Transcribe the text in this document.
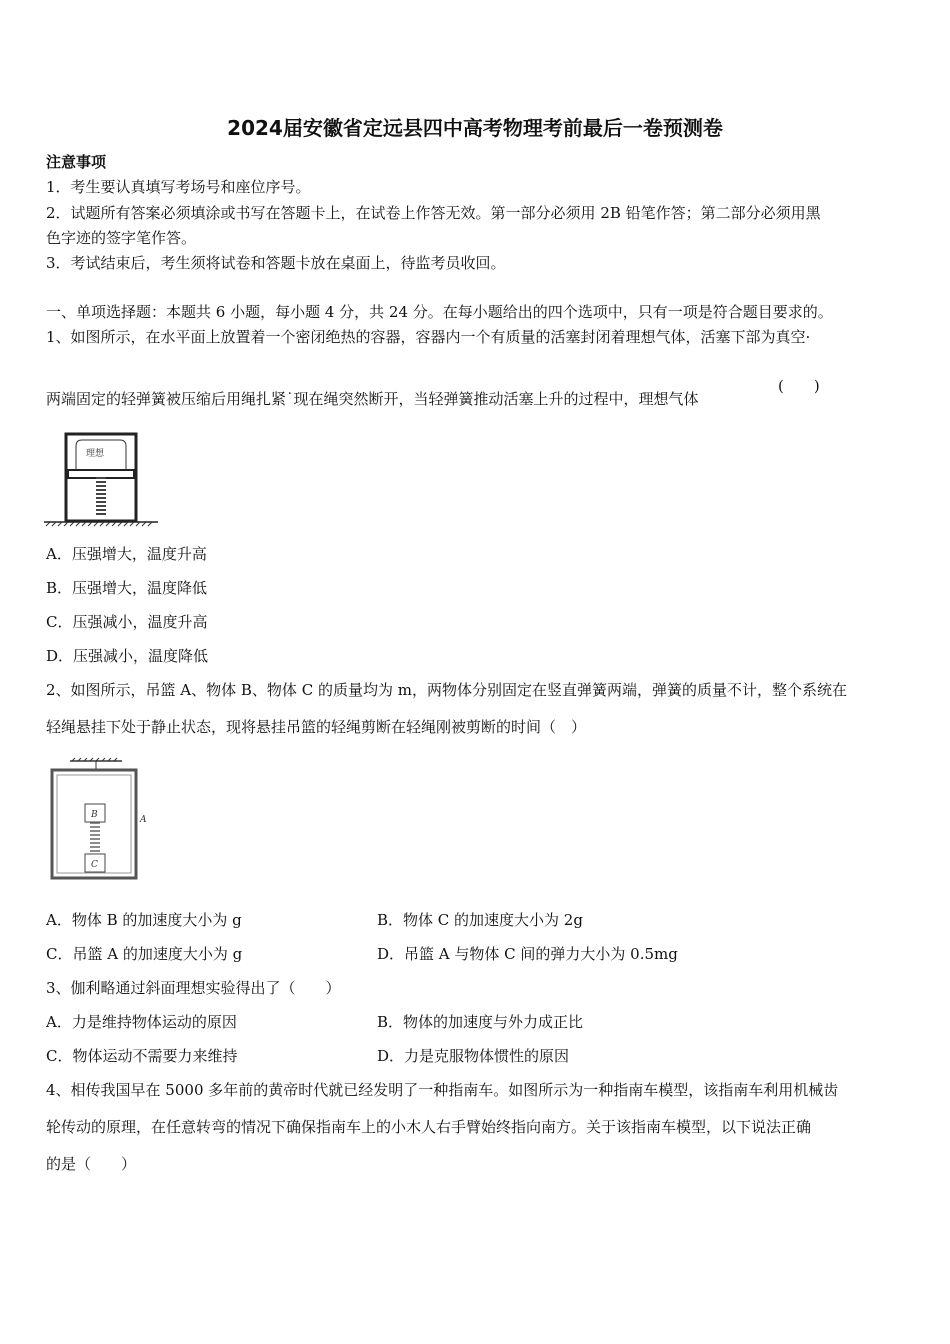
2024届安徽省定远县四中高考物理考前最后一卷预测卷
注意事项
1．考生要认真填写考场号和座位序号。
2．试题所有答案必须填涂或书写在答题卡上，在试卷上作答无效。第一部分必须用 2B 铅笔作答；第二部分必须用黑
色字迹的签字笔作答。
3．考试结束后，考生须将试卷和答题卡放在桌面上，待监考员收回。
一、单项选择题：本题共 6 小题，每小题 4 分，共 24 分。在每小题给出的四个选项中，只有一项是符合题目要求的。
1、如图所示，在水平面上放置着一个密闭绝热的容器，容器内一个有质量的活塞封闭着理想气体，活塞下部为真空·
两端固定的轻弹簧被压缩后用绳扎紧˙现在绳突然断开，当轻弹簧推动活塞上升的过程中，理想气体
(　　)
理想
A．压强增大，温度升高
B．压强增大，温度降低
C．压强减小，温度升高
D．压强减小，温度降低
2、如图所示，吊篮 A、物体 B、物体 C 的质量均为 m，两物体分别固定在竖直弹簧两端，弹簧的质量不计，整个系统在
轻绳悬挂下处于静止状态，现将悬挂吊篮的轻绳剪断在轻绳刚被剪断的时间（　）
A
B
C
A．物体 B 的加速度大小为 g	B．物体 C 的加速度大小为 2g
C．吊篮 A 的加速度大小为 g	D．吊篮 A 与物体 C 间的弹力大小为 0.5mg
3、伽利略通过斜面理想实验得出了（　　）
A．力是维持物体运动的原因	B．物体的加速度与外力成正比
C．物体运动不需要力来维持	D．力是克服物体惯性的原因
4、相传我国早在 5000 多年前的黄帝时代就已经发明了一种指南车。如图所示为一种指南车模型，该指南车利用机械齿
轮传动的原理，在任意转弯的情况下确保指南车上的小木人右手臂始终指向南方。关于该指南车模型，以下说法正确
的是（　　）
